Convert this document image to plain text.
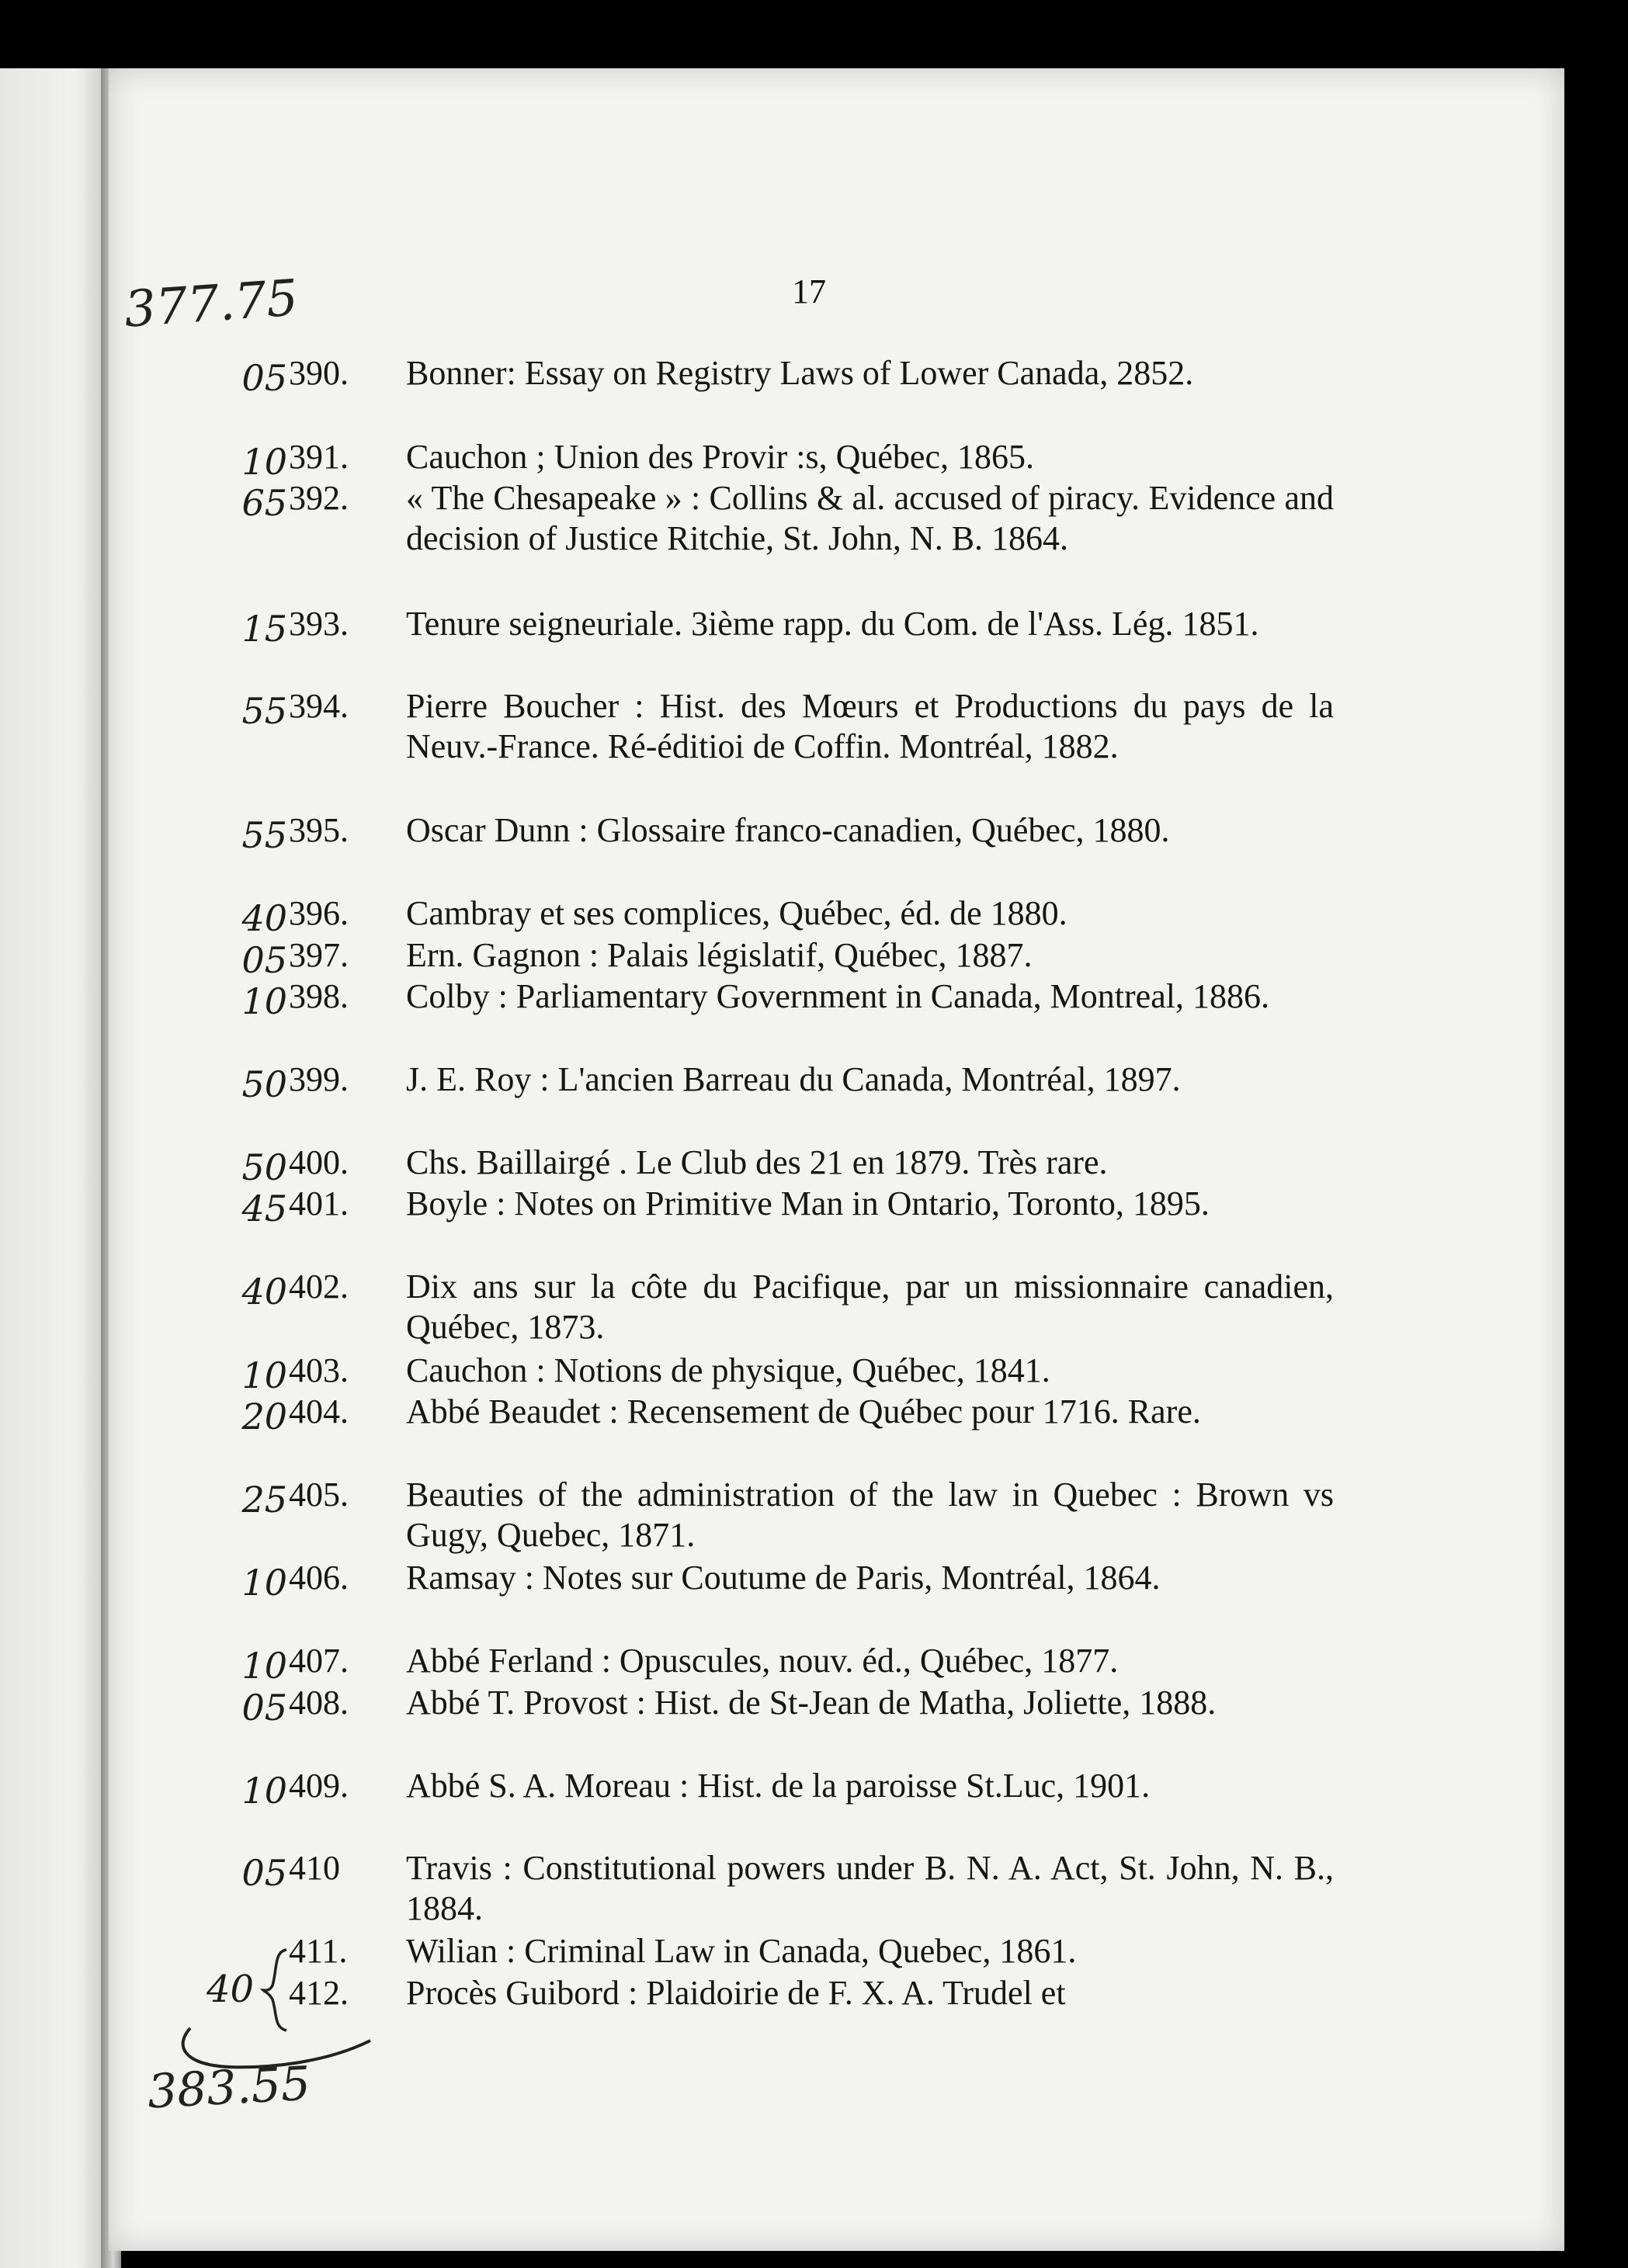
377.75	17
05 390.	Bonner: Essay on Registry Laws of Lower Canada, 2852.
10 391.	Cauchon ; Union des Provir :s, Québec, 1865.
65 392.	« The Chesapeake » : Collins & al. accused of piracy. Evidence and decision of Justice Ritchie, St. John, N. B. 1864.
15 393.	Tenure seigneuriale. 3ième rapp. du Com. de l'Ass. Lég. 1851.
55 394.	Pierre Boucher : Hist. des Mœurs et Productions du pays de la Neuv.-France. Ré-éditioi de Coffin. Montréal, 1882.
55 395.	Oscar Dunn : Glossaire franco-canadien, Québec, 1880.
40 396.	Cambray et ses complices, Québec, éd. de 1880.
05 397.	Ern. Gagnon : Palais législatif, Québec, 1887.
10 398.	Colby : Parliamentary Government in Canada, Montreal, 1886.
50 399.	J. E. Roy : L'ancien Barreau du Canada, Montréal, 1897.
50 400.	Chs. Baillairgé . Le Club des 21 en 1879. Très rare.
45 401.	Boyle : Notes on Primitive Man in Ontario, Toronto, 1895.
40 402.	Dix ans sur la côte du Pacifique, par un missionnaire canadien, Québec, 1873.
10 403.	Cauchon : Notions de physique, Québec, 1841.
20 404.	Abbé Beaudet : Recensement de Québec pour 1716. Rare.
25 405.	Beauties of the administration of the law in Quebec : Brown vs Gugy, Quebec, 1871.
10 406.	Ramsay : Notes sur Coutume de Paris, Montréal, 1864.
10 407.	Abbé Ferland : Opuscules, nouv. éd., Québec, 1877.
05 408.	Abbé T. Provost : Hist. de St-Jean de Matha, Joliette, 1888.
10 409.	Abbé S. A. Moreau : Hist. de la paroisse St.Luc, 1901.
05 410	Travis : Constitutional powers under B. N. A. Act, St. John, N. B., 1884.
411.	Wilian : Criminal Law in Canada, Quebec, 1861.
412.	Procès Guibord : Plaidoirie de F. X. A. Trudel et
40
383.55
